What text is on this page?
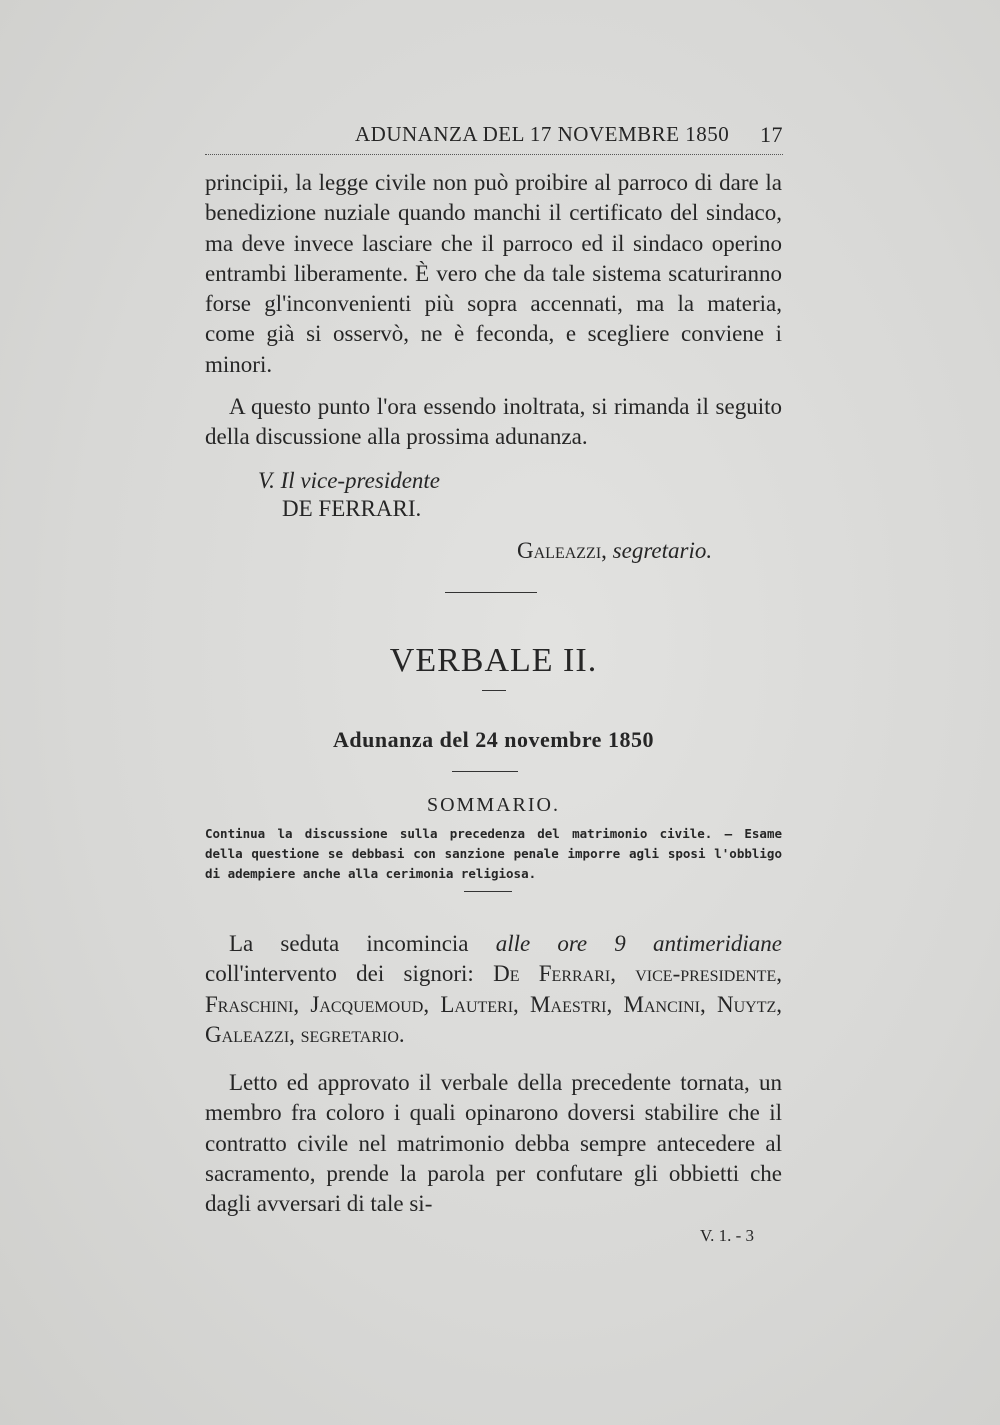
ADUNANZA DEL 17 NOVEMBRE 1850 17

principii, la legge civile non può proibire al parroco di dare la benedizione nuziale quando manchi il certificato del sindaco, ma deve invece lasciare che il parroco ed il sindaco operino entrambi liberamente. È vero che da tale sistema scaturiranno forse gl'inconvenienti più sopra accennati, ma la materia, come già si osservò, ne è feconda, e scegliere conviene i minori.

A questo punto l'ora essendo inoltrata, si rimanda il seguito della discussione alla prossima adunanza.

V. Il vice-presidente
DE FERRARI.
Galeazzi, segretario.
VERBALE II.
Adunanza del 24 novembre 1850
SOMMARIO.

Continua la discussione sulla precedenza del matrimonio civile. — Esame della questione se debbasi con sanzione penale imporre agli sposi l'obbligo di adempiere anche alla cerimonia religiosa.

La seduta incomincia alle ore 9 antimeridiane coll'intervento dei signori: De Ferrari, vice-presidente, Fraschini, Jacquemoud, Lauteri, Maestri, Mancini, Nuytz, Galeazzi, segretario.

Letto ed approvato il verbale della precedente tornata, un membro fra coloro i quali opinarono doversi stabilire che il contratto civile nel matrimonio debba sempre antecedere al sacramento, prende la parola per confutare gli obbietti che dagli avversari di tale si-

V. 1. - 3
